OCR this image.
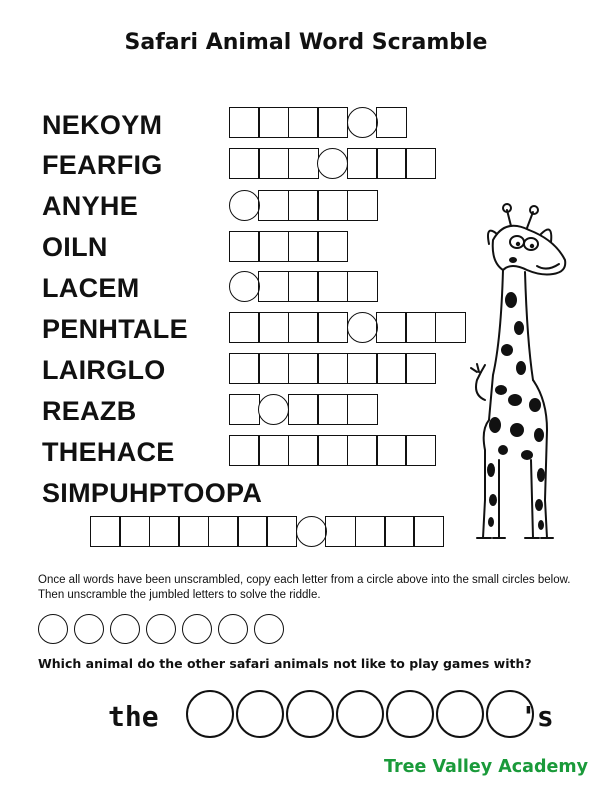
Safari Animal Word Scramble
NEKOYM
FEARFIG
ANYHE
OILN
LACEM
PENHTALE
LAIRGLO
REAZB
THEHACE
SIMPUHPTOOPA
Once all words have been unscrambled, copy each letter from a circle above into the small circles below. Then unscramble the jumbled letters to solve the riddle.
Which animal do the other safari animals not like to play games with?
the	's
Tree Valley Academy
